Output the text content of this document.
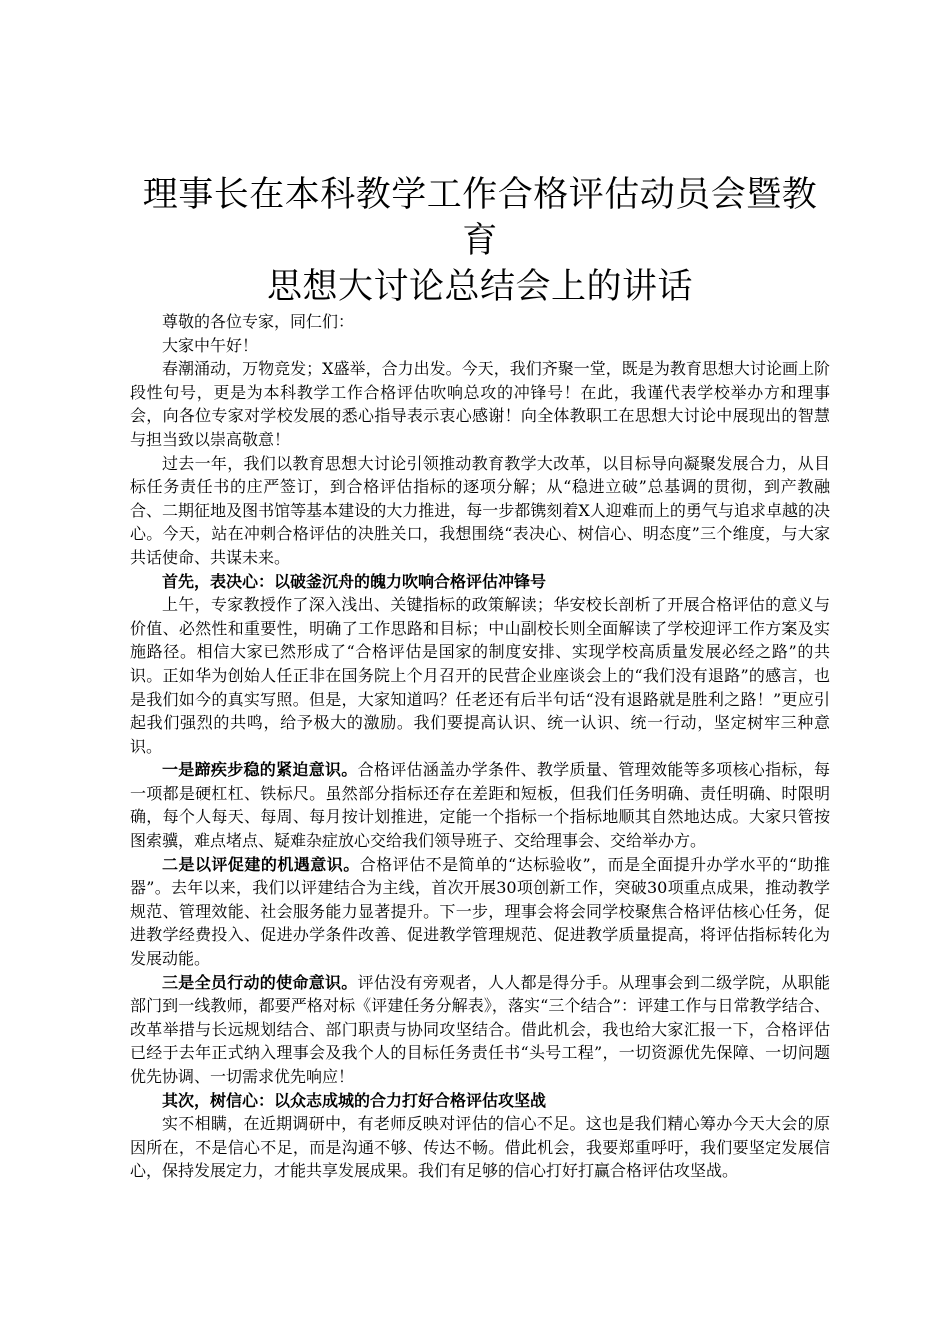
理事长在本科教学工作合格评估动员会暨教育
思想大讨论总结会上的讲话

尊敬的各位专家，同仁们：

大家中午好！

春潮涌动，万物竞发；X盛举，合力出发。今天，我们齐聚一堂，既是为教育思想大讨论画上阶段性句号，更是为本科教学工作合格评估吹响总攻的冲锋号！在此，我谨代表学校举办方和理事会，向各位专家对学校发展的悉心指导表示衷心感谢！向全体教职工在思想大讨论中展现出的智慧与担当致以崇高敬意！

过去一年，我们以教育思想大讨论引领推动教育教学大改革，以目标导向凝聚发展合力，从目标任务责任书的庄严签订，到合格评估指标的逐项分解；从“稳进立破”总基调的贯彻，到产教融合、二期征地及图书馆等基本建设的大力推进，每一步都镌刻着X人迎难而上的勇气与追求卓越的决心。今天，站在冲刺合格评估的决胜关口，我想围绕“表决心、树信心、明态度”三个维度，与大家共话使命、共谋未来。

首先，表决心：以破釜沉舟的魄力吹响合格评估冲锋号

上午，专家教授作了深入浅出、关键指标的政策解读；华安校长剖析了开展合格评估的意义与价值、必然性和重要性，明确了工作思路和目标；中山副校长则全面解读了学校迎评工作方案及实施路径。相信大家已然形成了“合格评估是国家的制度安排、实现学校高质量发展必经之路”的共识。正如华为创始人任正非在国务院上个月召开的民营企业座谈会上的“我们没有退路”的感言，也是我们如今的真实写照。但是，大家知道吗？任老还有后半句话“没有退路就是胜利之路！”更应引起我们强烈的共鸣，给予极大的激励。我们要提高认识、统一认识、统一行动，坚定树牢三种意识。

一是蹄疾步稳的紧迫意识。合格评估涵盖办学条件、教学质量、管理效能等多项核心指标，每一项都是硬杠杠、铁标尺。虽然部分指标还存在差距和短板，但我们任务明确、责任明确、时限明确，每个人每天、每周、每月按计划推进，定能一个指标一个指标地顺其自然地达成。大家只管按图索骥，难点堵点、疑难杂症放心交给我们领导班子、交给理事会、交给举办方。

二是以评促建的机遇意识。合格评估不是简单的“达标验收”，而是全面提升办学水平的“助推器”。去年以来，我们以评建结合为主线，首次开展30项创新工作，突破30项重点成果，推动教学规范、管理效能、社会服务能力显著提升。下一步，理事会将会同学校聚焦合格评估核心任务，促进教学经费投入、促进办学条件改善、促进教学管理规范、促进教学质量提高，将评估指标转化为发展动能。

三是全员行动的使命意识。评估没有旁观者，人人都是得分手。从理事会到二级学院，从职能部门到一线教师，都要严格对标《评建任务分解表》，落实“三个结合”：评建工作与日常教学结合、改革举措与长远规划结合、部门职责与协同攻坚结合。借此机会，我也给大家汇报一下，合格评估已经于去年正式纳入理事会及我个人的目标任务责任书“头号工程”，一切资源优先保障、一切问题优先协调、一切需求优先响应！

其次，树信心：以众志成城的合力打好合格评估攻坚战

实不相瞒，在近期调研中，有老师反映对评估的信心不足。这也是我们精心筹办今天大会的原因所在，不是信心不足，而是沟通不够、传达不畅。借此机会，我要郑重呼吁，我们要坚定发展信心，保持发展定力，才能共享发展成果。我们有足够的信心打好打赢合格评估攻坚战。
